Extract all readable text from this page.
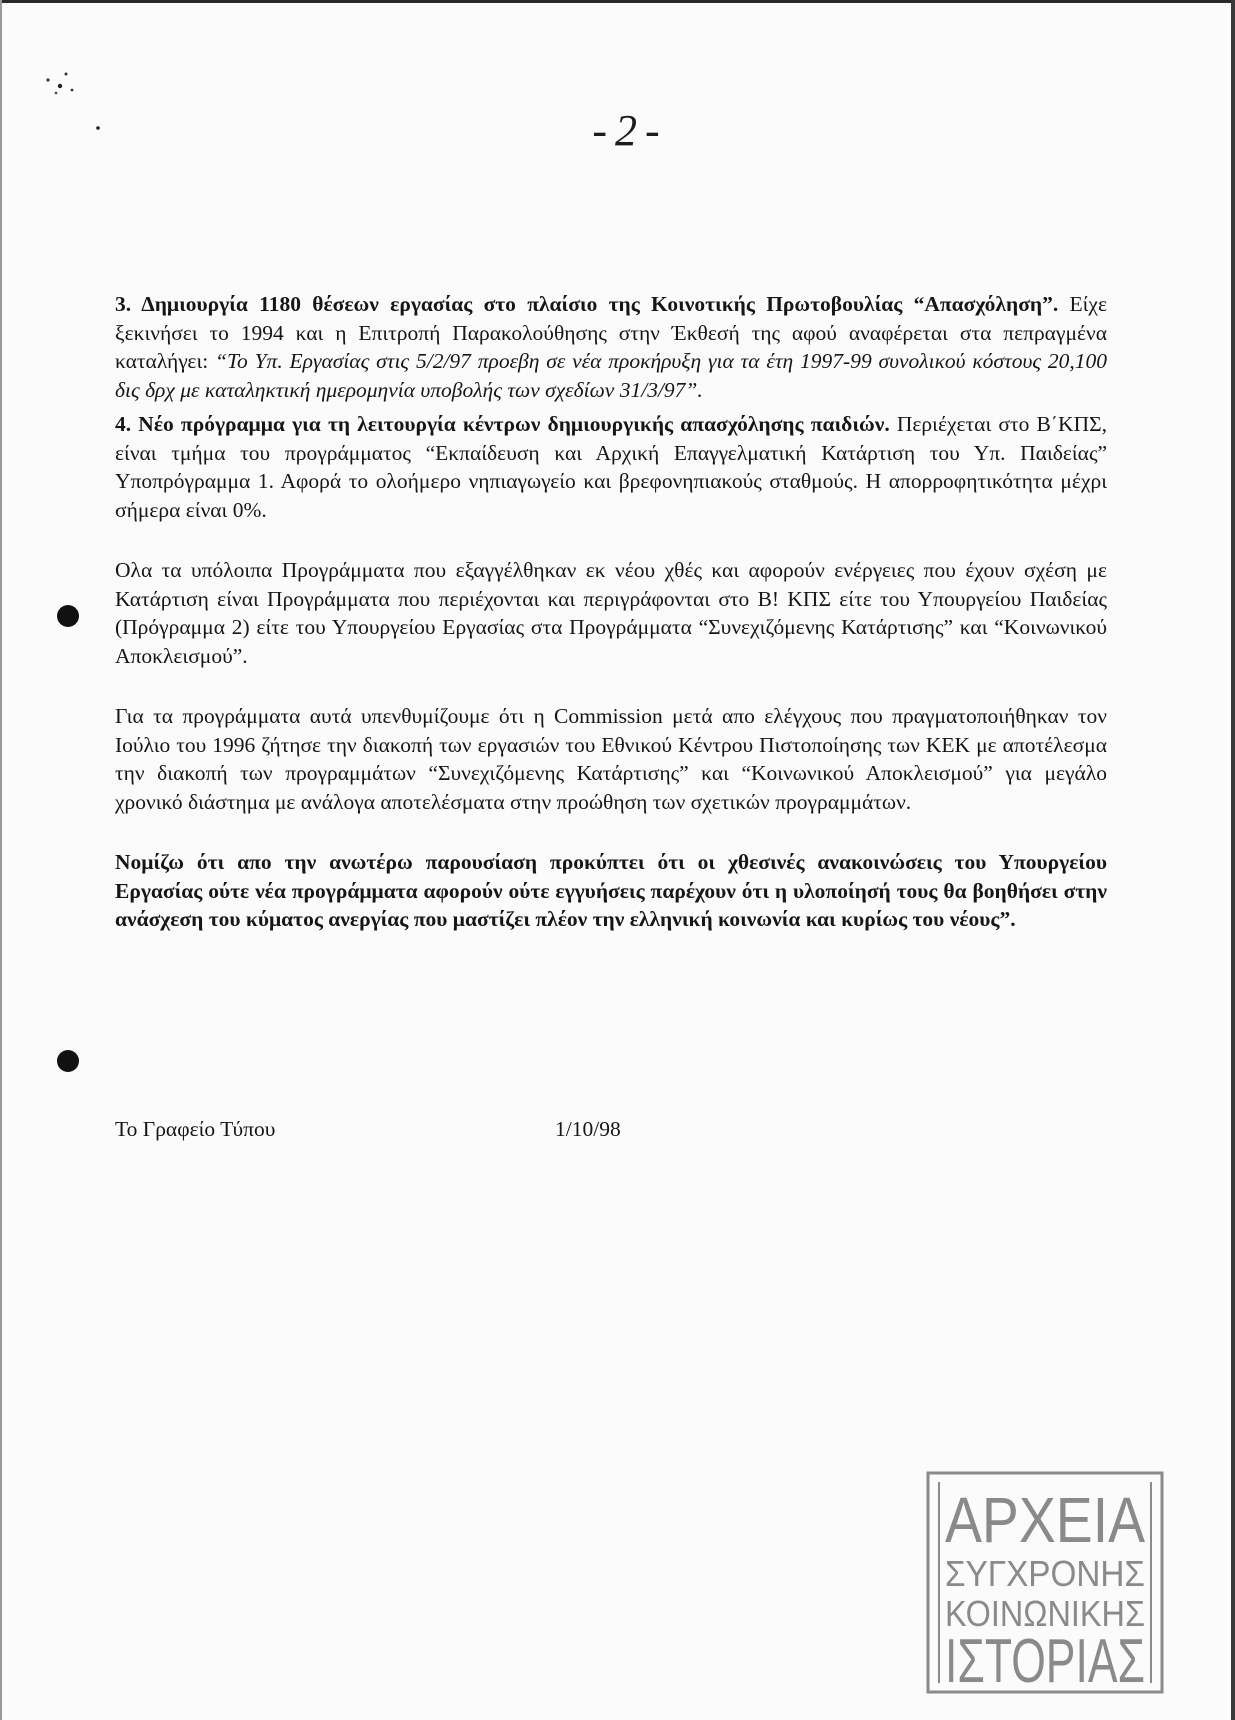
-2-

3. Δημιουργία 1180 θέσεων εργασίας στο πλαίσιο της Κοινοτικής Πρωτοβουλίας “Απασχόληση”. Είχε ξεκινήσει το 1994 και η Επιτροπή Παρακολούθησης στην Έκθεσή της αφού αναφέρεται στα πεπραγμένα καταλήγει: “Το Υπ. Εργασίας στις 5/2/97 προεβη σε νέα προκήρυξη για τα έτη 1997-99 συνολικού κόστους 20,100 δις δρχ με καταληκτική ημερομηνία υποβολής των σχεδίων 31/3/97”.

4. Νέο πρόγραμμα για τη λειτουργία κέντρων δημιουργικής απασχόλησης παιδιών. Περιέχεται στο Β΄ΚΠΣ, είναι τμήμα του προγράμματος “Εκπαίδευση και Αρχική Επαγγελματική Κατάρτιση του Υπ. Παιδείας” Υποπρόγραμμα 1. Αφορά το ολοήμερο νηπιαγωγείο και βρεφονηπιακούς σταθμούς. Η απορροφητικότητα μέχρι σήμερα είναι 0%.

Ολα τα υπόλοιπα Προγράμματα που εξαγγέλθηκαν εκ νέου χθές και αφορούν ενέργειες που έχουν σχέση με Κατάρτιση είναι Προγράμματα που περιέχονται και περιγράφονται στο Β! ΚΠΣ είτε του Υπουργείου Παιδείας (Πρόγραμμα 2) είτε του Υπουργείου Εργασίας στα Προγράμματα “Συνεχιζόμενης Κατάρτισης” και “Κοινωνικού Αποκλεισμού”.

Για τα προγράμματα αυτά υπενθυμίζουμε ότι η Commission μετά απο ελέγχους που πραγματοποιήθηκαν τον Ιούλιο του 1996 ζήτησε την διακοπή των εργασιών του Εθνικού Κέντρου Πιστοποίησης των ΚΕΚ με αποτέλεσμα την διακοπή των προγραμμάτων “Συνεχιζόμενης Κατάρτισης” και “Κοινωνικού Αποκλεισμού” για μεγάλο χρονικό διάστημα με ανάλογα αποτελέσματα στην προώθηση των σχετικών προγραμμάτων.

Νομίζω ότι απο την ανωτέρω παρουσίαση προκύπτει ότι οι χθεσινές ανακοινώσεις του Υπουργείου Εργασίας ούτε νέα προγράμματα αφορούν ούτε εγγυήσεις παρέχουν ότι η υλοποίησή τους θα βοηθήσει στην ανάσχεση του κύματος ανεργίας που μαστίζει πλέον την ελληνική κοινωνία και κυρίως του νέους”.

Το Γραφείο Τύπου	1/10/98
ΑΡΧΕΙΑ
ΣΥΓΧΡΟΝΗΣ
ΚΟΙΝΩΝΙΚΗΣ
ΙΣΤΟΡΙΑΣ
